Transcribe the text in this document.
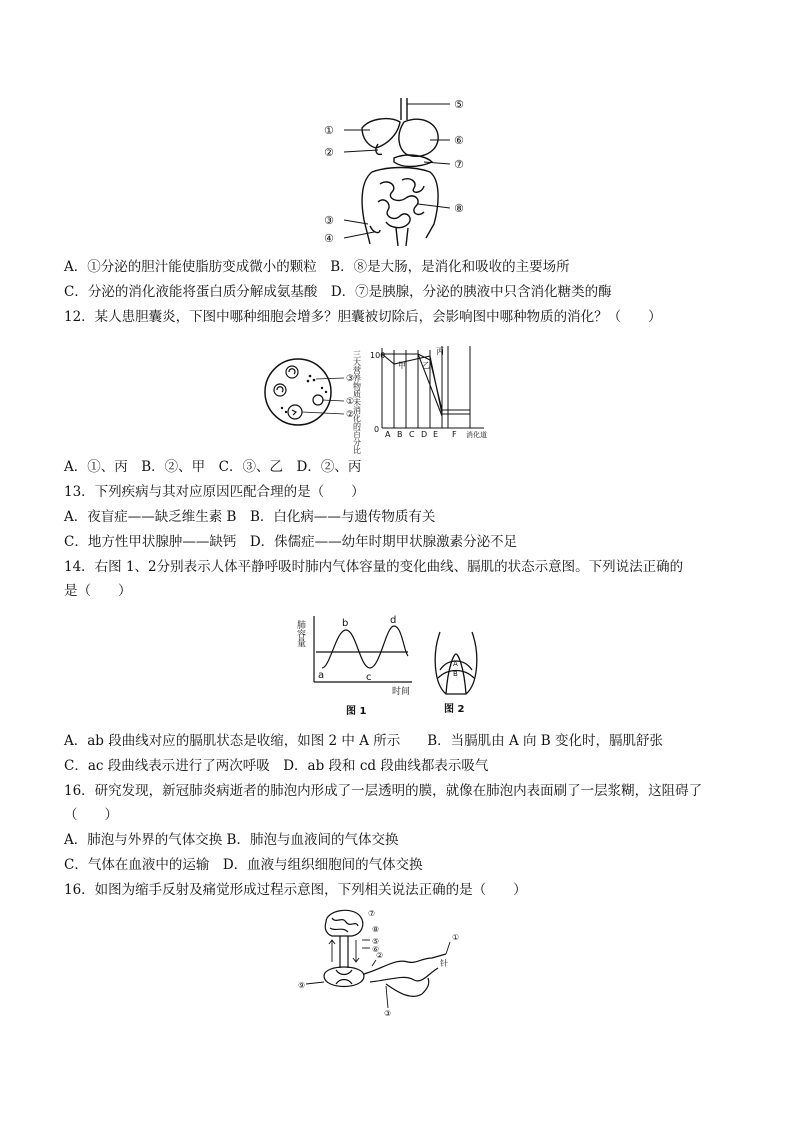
①
②
③
④
⑤
⑥
⑦
⑧
A．①分泌的胆汁能使脂肪变成微小的颗粒　B．⑧是大肠，是消化和吸收的主要场所
C．分泌的消化液能将蛋白质分解成氨基酸　D．⑦是胰腺，分泌的胰液中只含消化糖类的酶
12．某人患胆囊炎，下图中哪种细胞会增多？胆囊被切除后，会影响图中哪种物质的消化？（　　）
③
①
②
三大营养物质未消化的百分比 100
0
A B C D E F 消化道
甲 乙
丙
A．①、丙　B．②、甲　C．③、乙　D．②、丙
13．下列疾病与其对应原因匹配合理的是（　　）
A．夜盲症——缺乏维生素 B　B．白化病——与遗传物质有关
C．地方性甲状腺肿——缺钙　D．侏儒症——幼年时期甲状腺激素分泌不足
14．右图 1、2分别表示人体平静呼吸时肺内气体容量的变化曲线、膈肌的状态示意图。下列说法正确的
是（　　）
肺容量
a
b
c
d
时间
图 1
A
B
图 2
A．ab 段曲线对应的膈肌状态是收缩，如图 2 中 A 所示　　B．当膈肌由 A 向 B 变化时，膈肌舒张
C．ac 段曲线表示进行了两次呼吸　D．ab 段和 cd 段曲线都表示吸气
16．研究发现，新冠肺炎病逝者的肺泡内形成了一层透明的膜，就像在肺泡内表面刷了一层浆糊，这阻碍了
（　　）
A．肺泡与外界的气体交换 B．肺泡与血液间的气体交换
C．气体在血液中的运输　D．血液与组织细胞间的气体交换
16．如图为缩手反射及痛觉形成过程示意图，下列相关说法正确的是（　　）
⑤
⑥
⑦
⑧
⑨
①
②
③
针
